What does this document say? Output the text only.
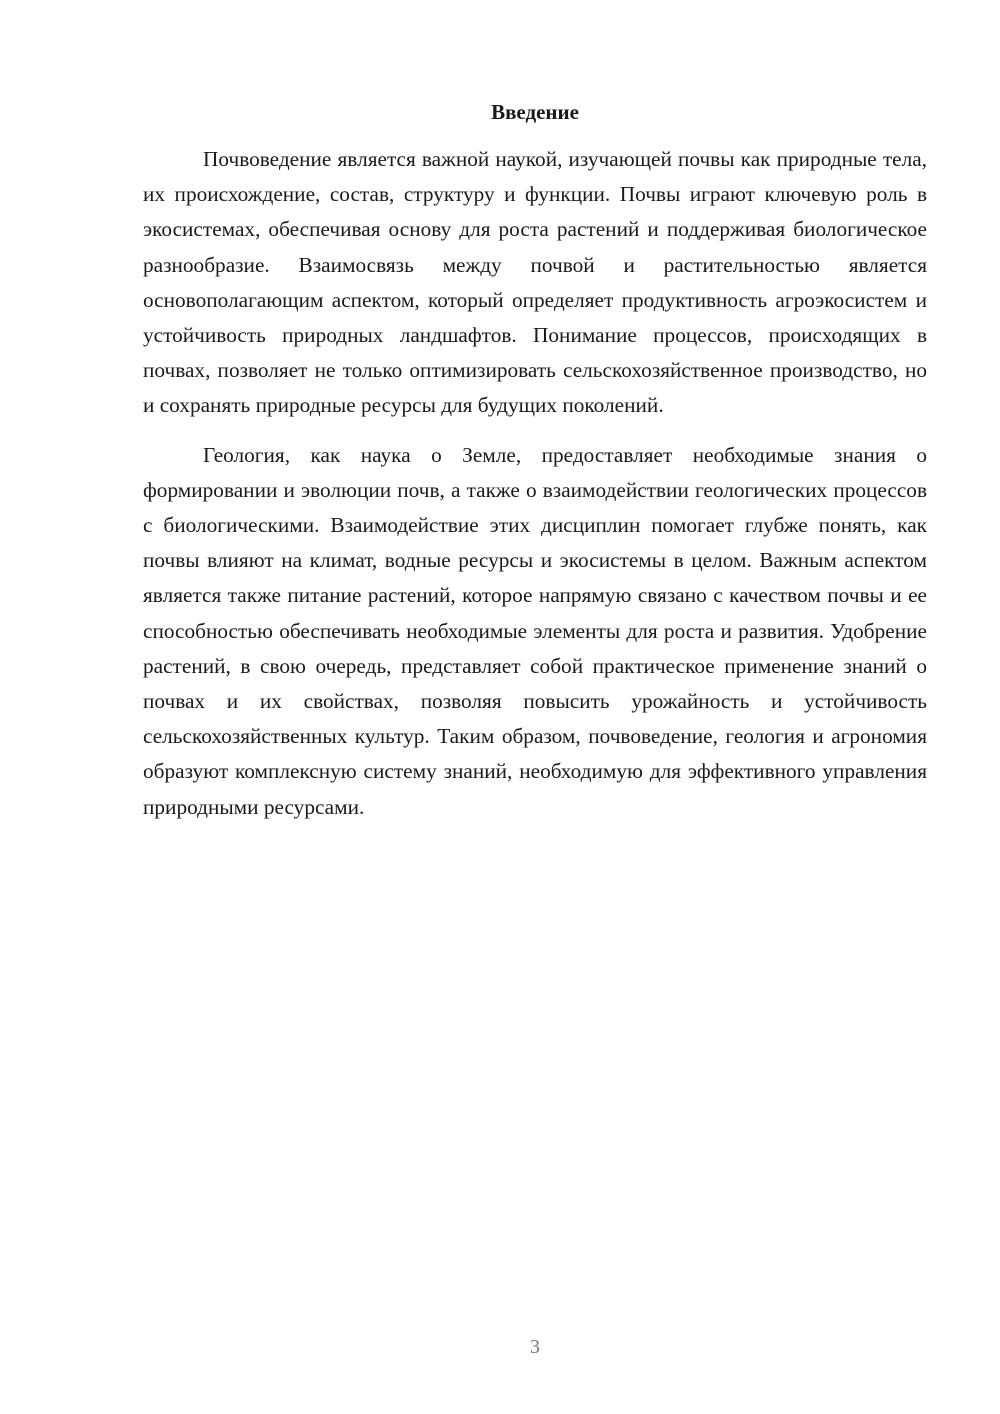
Введение

Почвоведение является важной наукой, изучающей почвы как природные тела, их происхождение, состав, структуру и функции. Почвы играют ключевую роль в экосистемах, обеспечивая основу для роста растений и поддерживая биологическое разнообразие. Взаимосвязь между почвой и растительностью является основополагающим аспектом, который определяет продуктивность агроэкосистем и устойчивость природных ландшафтов. Понимание процессов, происходящих в почвах, позволяет не только оптимизировать сельскохозяйственное производство, но и сохранять природные ресурсы для будущих поколений.

Геология, как наука о Земле, предоставляет необходимые знания о формировании и эволюции почв, а также о взаимодействии геологических процессов с биологическими. Взаимодействие этих дисциплин помогает глубже понять, как почвы влияют на климат, водные ресурсы и экосистемы в целом. Важным аспектом является также питание растений, которое напрямую связано с качеством почвы и ее способностью обеспечивать необходимые элементы для роста и развития. Удобрение растений, в свою очередь, представляет собой практическое применение знаний о почвах и их свойствах, позволяя повысить урожайность и устойчивость сельскохозяйственных культур. Таким образом, почвоведение, геология и агрономия образуют комплексную систему знаний, необходимую для эффективного управления природными ресурсами.

3
